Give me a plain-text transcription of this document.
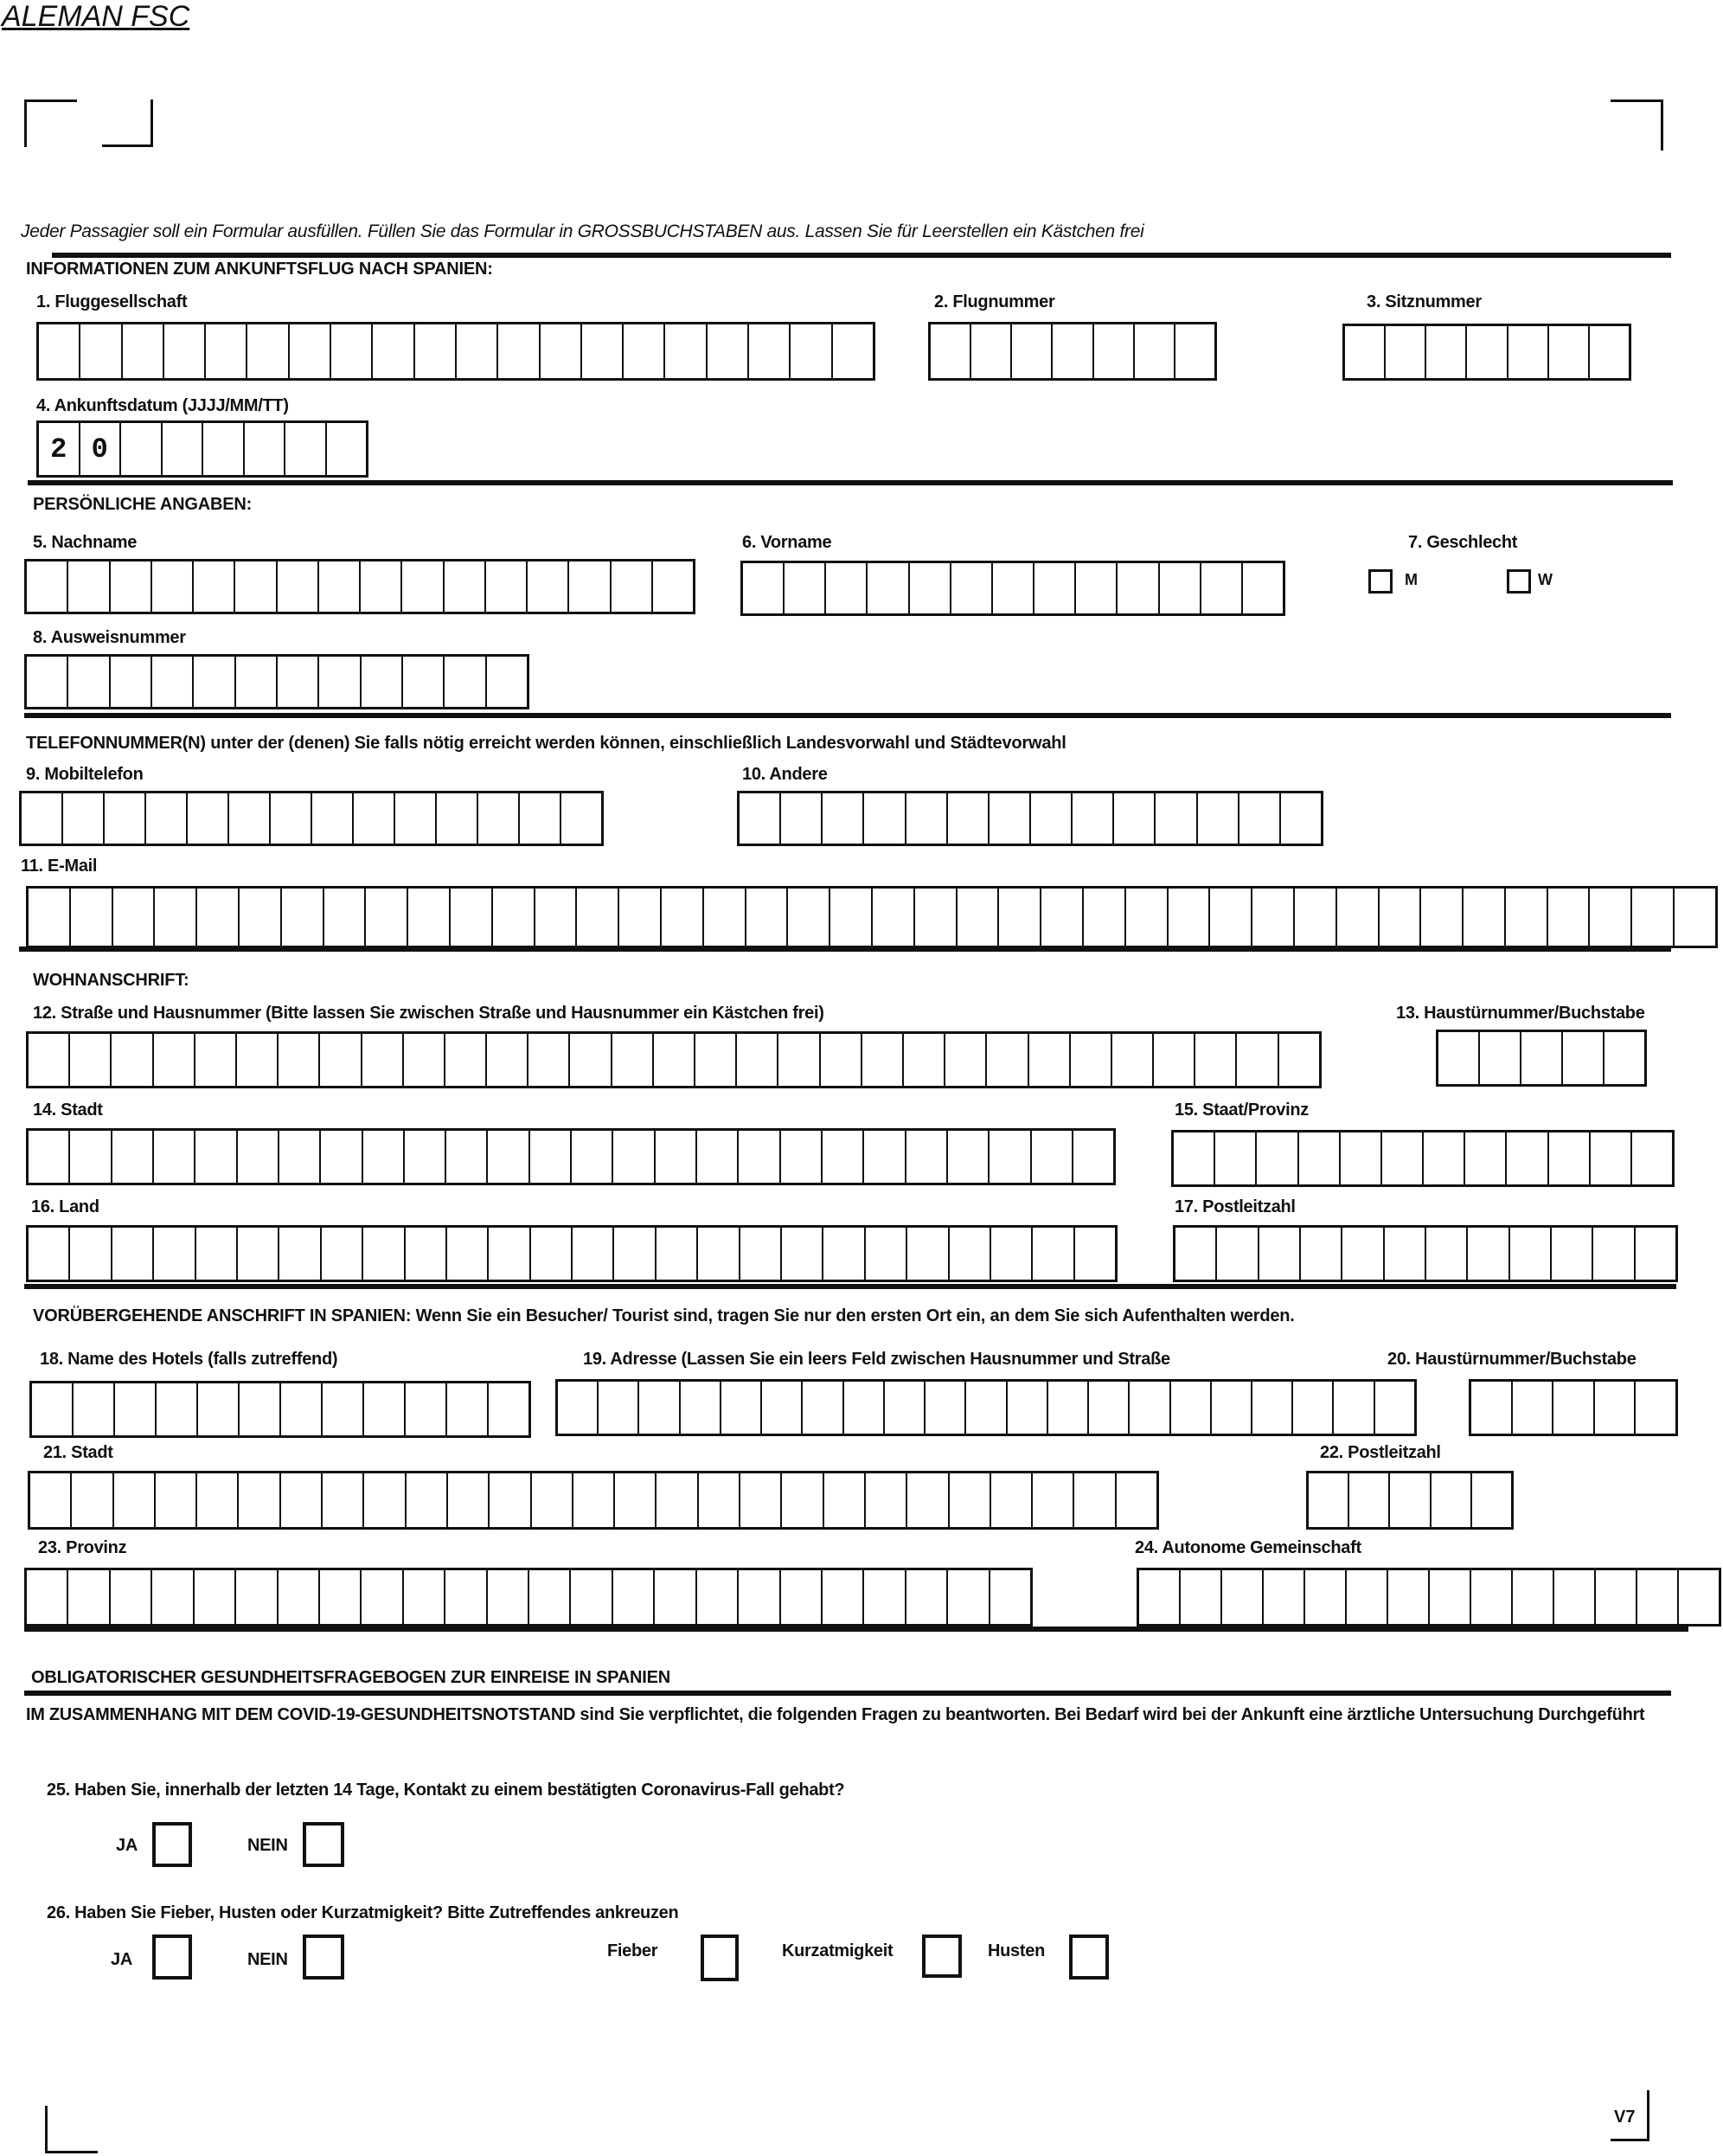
ALEMAN FSC
Jeder Passagier soll ein Formular ausfüllen. Füllen Sie das Formular in GROSSBUCHSTABEN aus. Lassen Sie für Leerstellen ein Kästchen frei
INFORMATIONEN ZUM ANKUNFTSFLUG NACH SPANIEN:
1. Fluggesellschaft	2. Flugnummer	3. Sitznummer
4. Ankunftsdatum (JJJJ/MM/TT)
2 0
PERSÖNLICHE ANGABEN:
5. Nachname	6. Vorname	7. Geschlecht
M	W
8. Ausweisnummer
TELEFONNUMMER(N) unter der (denen) Sie falls nötig erreicht werden können, einschließlich Landesvorwahl und Städtevorwahl
9. Mobiltelefon	10. Andere
11. E-Mail
WOHNANSCHRIFT:
12. Straße und Hausnummer (Bitte lassen Sie zwischen Straße und Hausnummer ein Kästchen frei)	13. Haustürnummer/Buchstabe
14. Stadt	15. Staat/Provinz
16. Land	17. Postleitzahl
VORÜBERGEHENDE ANSCHRIFT IN SPANIEN: Wenn Sie ein Besucher/ Tourist sind, tragen Sie nur den ersten Ort ein, an dem Sie sich Aufenthalten werden.
18. Name des Hotels (falls zutreffend)	19. Adresse (Lassen Sie ein leers Feld zwischen Hausnummer und Straße	20. Haustürnummer/Buchstabe
21. Stadt	22. Postleitzahl
23. Provinz	24. Autonome Gemeinschaft
OBLIGATORISCHER GESUNDHEITSFRAGEBOGEN ZUR EINREISE IN SPANIEN
IM ZUSAMMENHANG MIT DEM COVID-19-GESUNDHEITSNOTSTAND sind Sie verpflichtet, die folgenden Fragen zu beantworten. Bei Bedarf wird bei der Ankunft eine ärztliche Untersuchung Durchgeführt
25. Haben Sie, innerhalb der letzten 14 Tage, Kontakt zu einem bestätigten Coronavirus-Fall gehabt?
JA	NEIN
26. Haben Sie Fieber, Husten oder Kurzatmigkeit? Bitte Zutreffendes ankreuzen
JA	NEIN	Fieber	Kurzatmigkeit	Husten
V7
